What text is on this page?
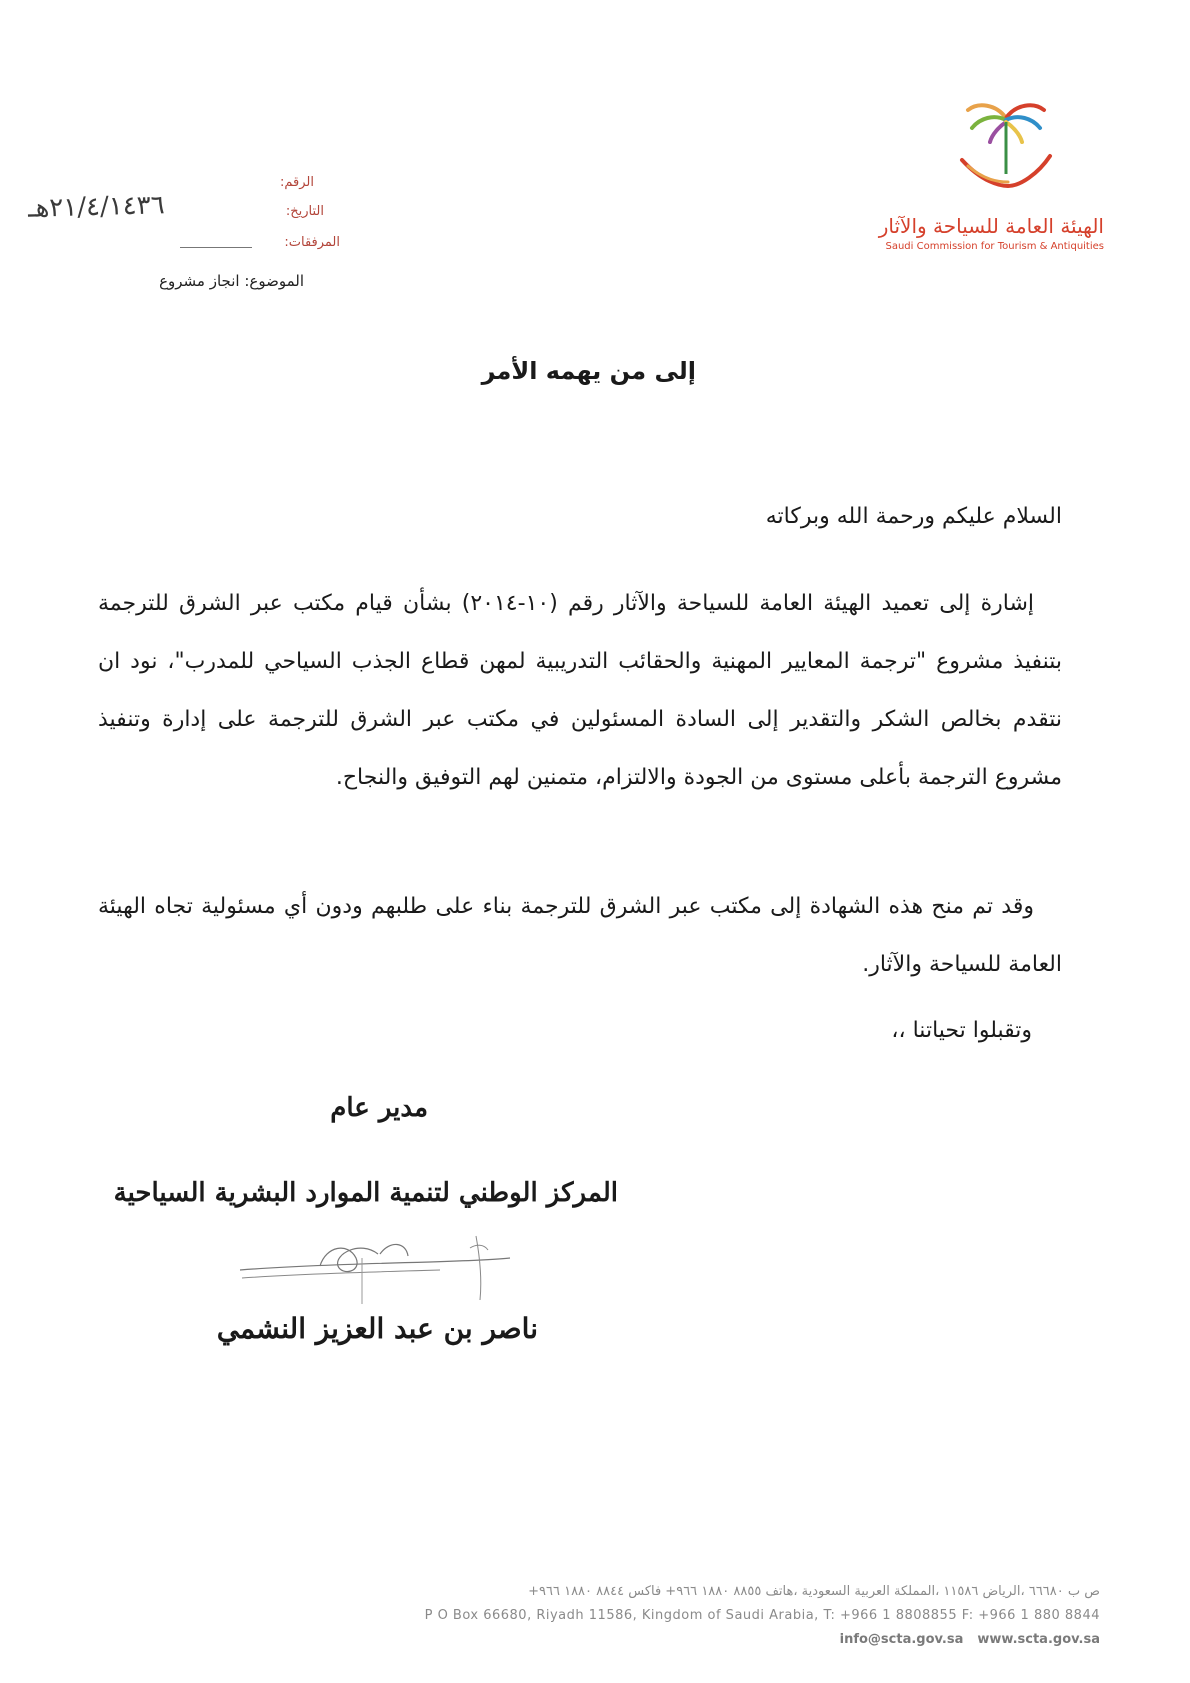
الهيئة العامة للسياحة والآثار
Saudi Commission for Tourism & Antiquities
الرقم:
التاريخ:
٢١/٤/١٤٣٦هـ
المرفقات:
الموضوع: انجاز مشروع
إلى من يهمه الأمر
السلام عليكم ورحمة الله وبركاته
إشارة إلى تعميد الهيئة العامة للسياحة والآثار رقم (١٠-٢٠١٤) بشأن قيام مكتب عبر الشرق للترجمة بتنفيذ مشروع "ترجمة المعايير المهنية والحقائب التدريبية لمهن قطاع الجذب السياحي للمدرب"، نود ان نتقدم بخالص الشكر والتقدير إلى السادة المسئولين في مكتب عبر الشرق للترجمة على إدارة وتنفيذ مشروع الترجمة بأعلى مستوى من الجودة والالتزام، متمنين لهم التوفيق والنجاح.
وقد تم منح هذه الشهادة إلى مكتب عبر الشرق للترجمة بناء على طلبهم ودون أي مسئولية تجاه الهيئة العامة للسياحة والآثار.
وتقبلوا تحياتنا ،،
مدير عام
المركز الوطني لتنمية الموارد البشرية السياحية
ناصر بن عبد العزيز النشمي
ص ب ٦٦٦٨٠ ،الرياض ١١٥٨٦ ،المملكة العربية السعودية ،هاتف ٨٨٥٥ ١٨٨٠ ٩٦٦+ فاكس ٨٨٤٤ ١٨٨٠ ٩٦٦+
P O Box 66680, Riyadh 11586, Kingdom of Saudi Arabia, T: +966 1 8808855 F: +966 1 880 8844
info@scta.gov.sa www.scta.gov.sa
